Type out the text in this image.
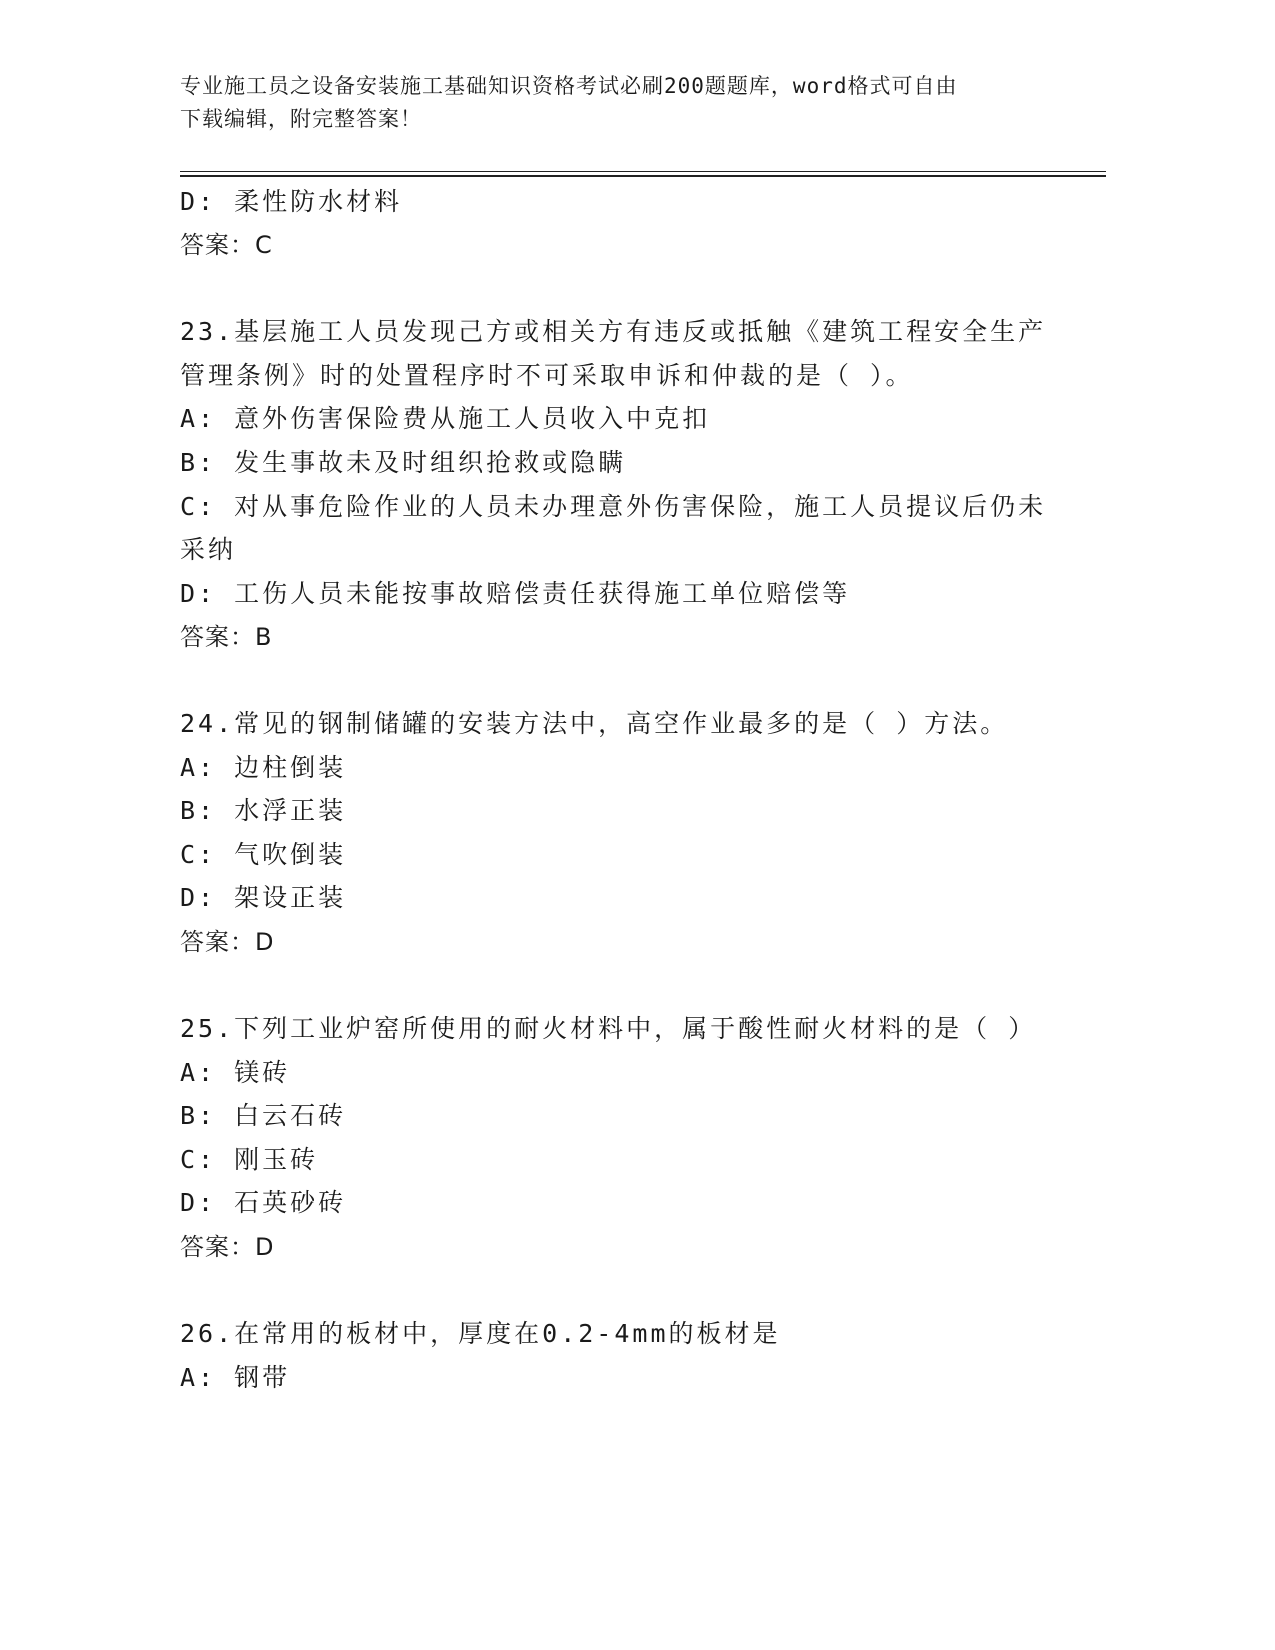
专业施工员之设备安装施工基础知识资格考试必刷200题题库，word格式可自由
下载编辑，附完整答案！
D: 柔性防水材料
答案：C
23.基层施工人员发现己方或相关方有违反或抵触《建筑工程安全生产
管理条例》时的处置程序时不可采取申诉和仲裁的是（ ）。
A: 意外伤害保险费从施工人员收入中克扣
B: 发生事故未及时组织抢救或隐瞒
C: 对从事危险作业的人员未办理意外伤害保险，施工人员提议后仍未
采纳
D: 工伤人员未能按事故赔偿责任获得施工单位赔偿等
答案：B
24.常见的钢制储罐的安装方法中，高空作业最多的是（ ）方法。
A: 边柱倒装
B: 水浮正装
C: 气吹倒装
D: 架设正装
答案：D
25.下列工业炉窑所使用的耐火材料中，属于酸性耐火材料的是（ ）
A: 镁砖
B: 白云石砖
C: 刚玉砖
D: 石英砂砖
答案：D
26.在常用的板材中，厚度在0.2-4mm的板材是
A: 钢带
